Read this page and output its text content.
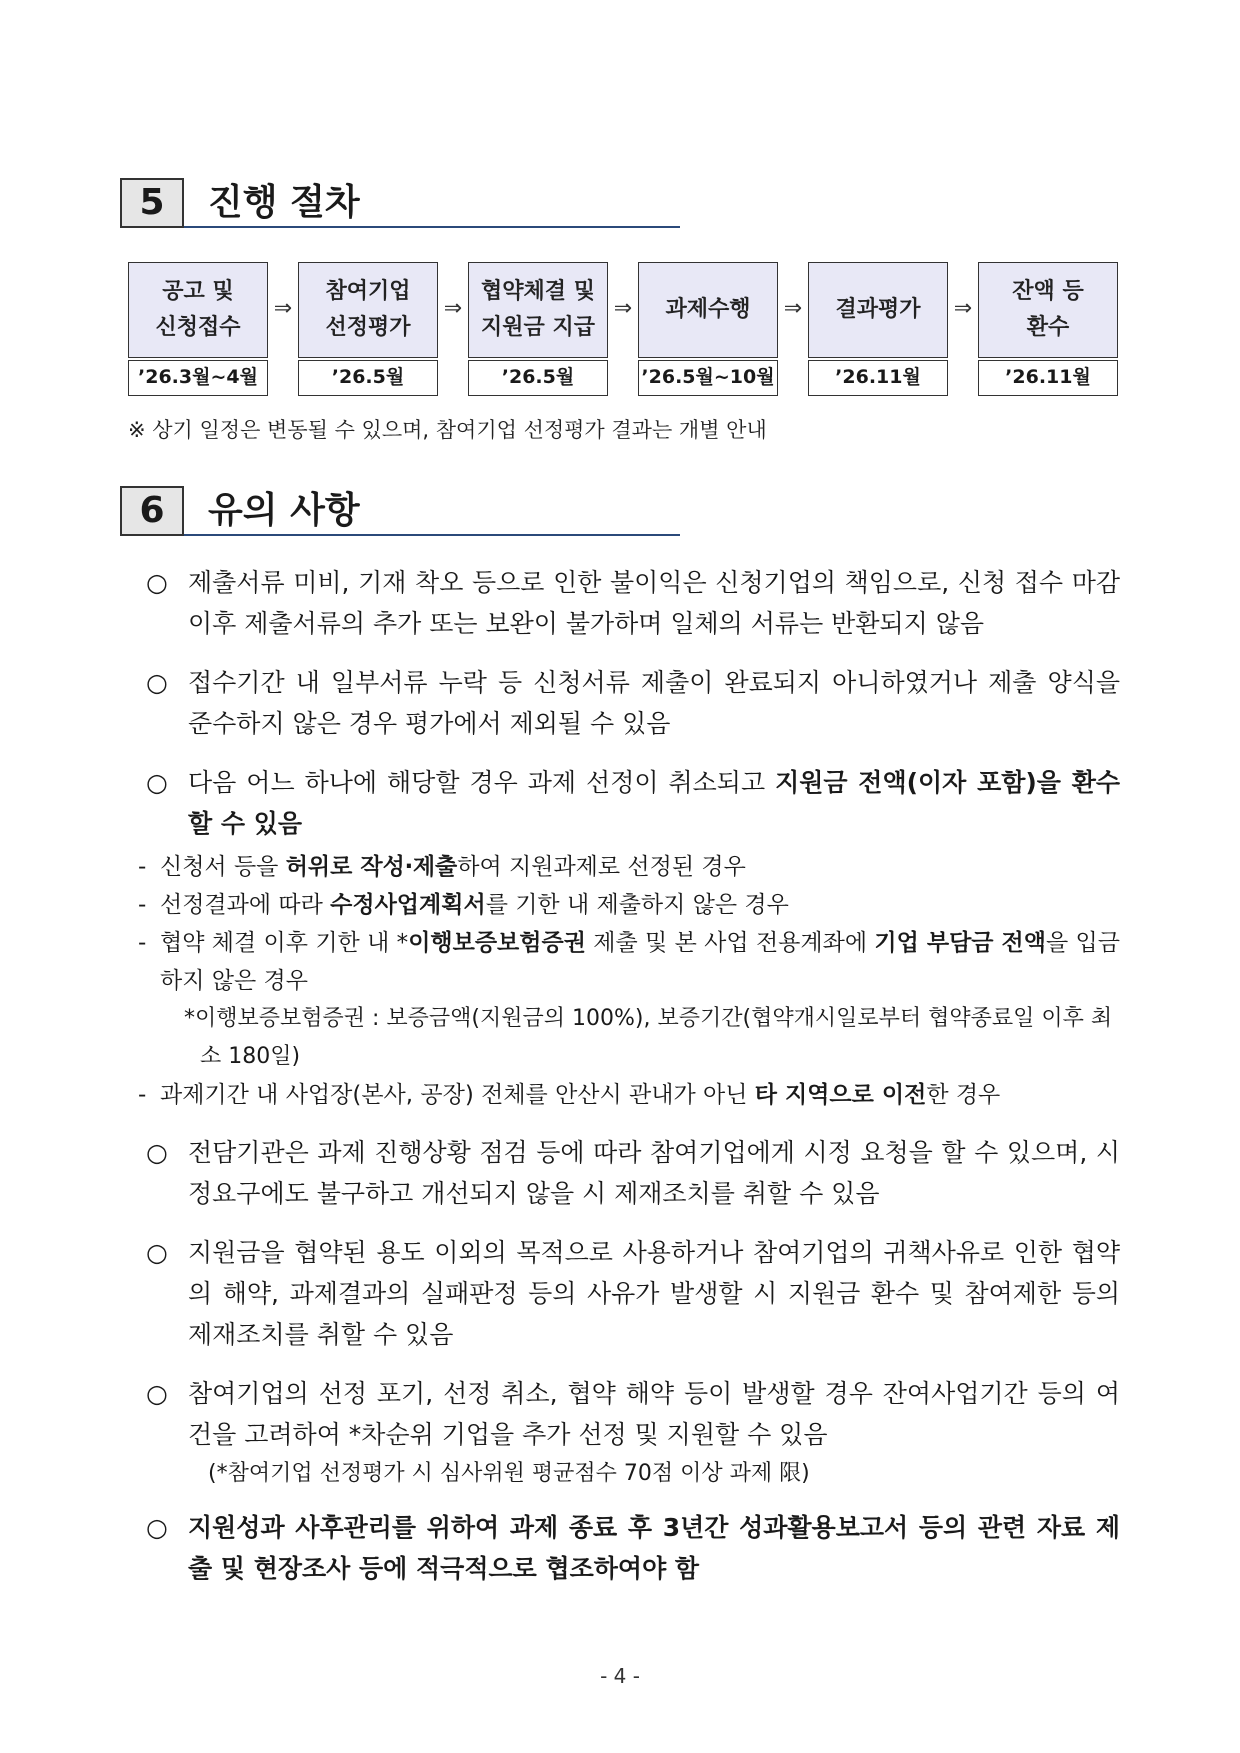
5	진행 절차
공고 및
신청접수
’26.3월~4월
⇒
참여기업
선정평가
’26.5월
⇒
협약체결 및
지원금 지급
’26.5월
⇒ 과제수행
’26.5월~10월
⇒ 결과평가
’26.11월
⇒
잔액 등
환수
’26.11월
※ 상기 일정은 변동될 수 있으며, 참여기업 선정평가 결과는 개별 안내
6	유의 사항
○ 제출서류 미비, 기재 착오 등으로 인한 불이익은 신청기업의 책임으로, 신청 접수 마감 이후 제출서류의 추가 또는 보완이 불가하며 일체의 서류는 반환되지 않음
○ 접수기간 내 일부서류 누락 등 신청서류 제출이 완료되지 아니하였거나 제출 양식을 준수하지 않은 경우 평가에서 제외될 수 있음
○ 다음 어느 하나에 해당할 경우 과제 선정이 취소되고 지원금 전액(이자 포함)을 환수할 수 있음
- 신청서 등을 허위로 작성‧제출하여 지원과제로 선정된 경우
- 선정결과에 따라 수정사업계획서를 기한 내 제출하지 않은 경우
- 협약 체결 이후 기한 내 *이행보증보험증권 제출 및 본 사업 전용계좌에 기업 부담금 전액을 입금하지 않은 경우
*이행보증보험증권 : 보증금액(지원금의 100%), 보증기간(협약개시일로부터 협약종료일 이후 최소 180일)
- 과제기간 내 사업장(본사, 공장) 전체를 안산시 관내가 아닌 타 지역으로 이전한 경우
○ 전담기관은 과제 진행상황 점검 등에 따라 참여기업에게 시정 요청을 할 수 있으며, 시정요구에도 불구하고 개선되지 않을 시 제재조치를 취할 수 있음
○ 지원금을 협약된 용도 이외의 목적으로 사용하거나 참여기업의 귀책사유로 인한 협약의 해약, 과제결과의 실패판정 등의 사유가 발생할 시 지원금 환수 및 참여제한 등의 제재조치를 취할 수 있음
○ 참여기업의 선정 포기, 선정 취소, 협약 해약 등이 발생할 경우 잔여사업기간 등의 여건을 고려하여 *차순위 기업을 추가 선정 및 지원할 수 있음
(*참여기업 선정평가 시 심사위원 평균점수 70점 이상 과제 限)
○ 지원성과 사후관리를 위하여 과제 종료 후 3년간 성과활용보고서 등의 관련 자료 제출 및 현장조사 등에 적극적으로 협조하여야 함
- 4 -
